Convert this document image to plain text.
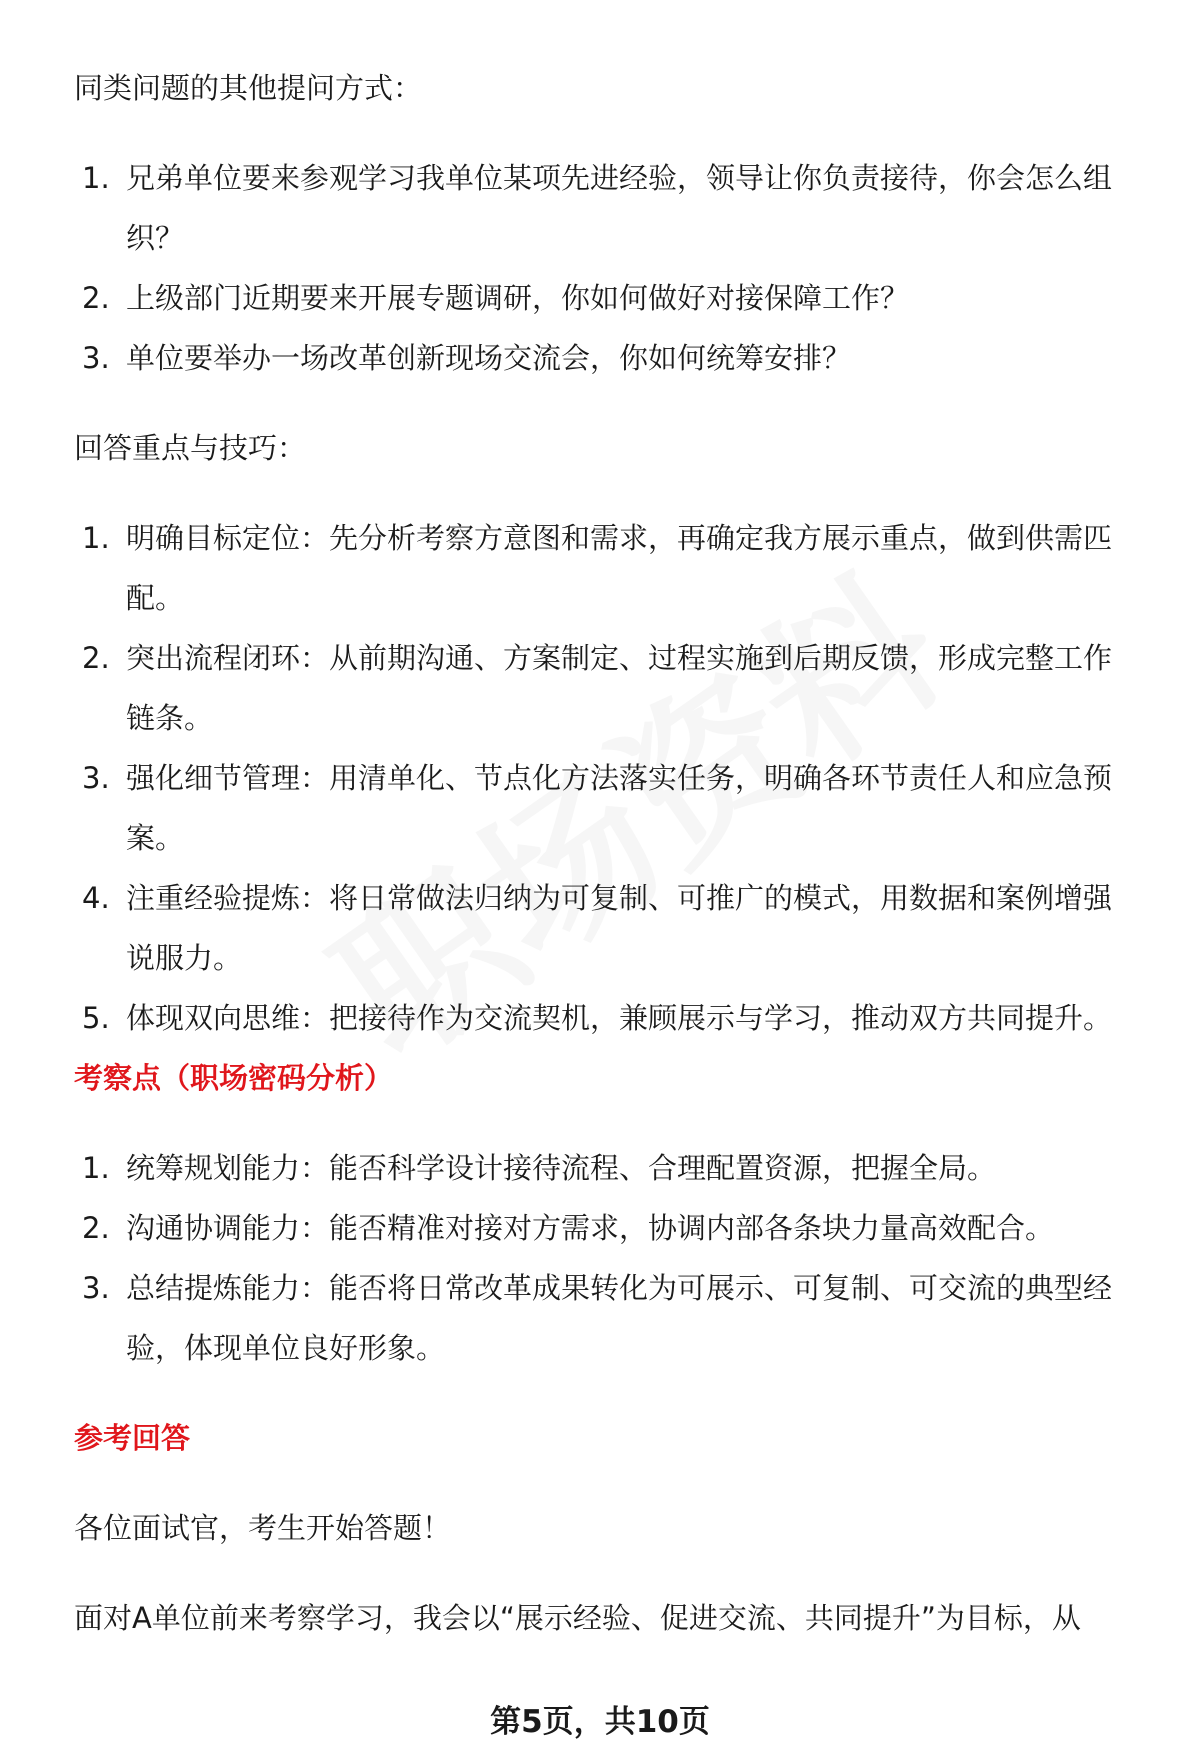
同类问题的其他提问方式：

1. 兄弟单位要来参观学习我单位某项先进经验，领导让你负责接待，你会怎么组
织？
2. 上级部门近期要来开展专题调研，你如何做好对接保障工作？
3. 单位要举办一场改革创新现场交流会，你如何统筹安排？

回答重点与技巧：

1. 明确目标定位：先分析考察方意图和需求，再确定我方展示重点，做到供需匹
配。
2. 突出流程闭环：从前期沟通、方案制定、过程实施到后期反馈，形成完整工作
链条。
3. 强化细节管理：用清单化、节点化方法落实任务，明确各环节责任人和应急预
案。
4. 注重经验提炼：将日常做法归纳为可复制、可推广的模式，用数据和案例增强
说服力。
5. 体现双向思维：把接待作为交流契机，兼顾展示与学习，推动双方共同提升。

考察点（职场密码分析）

1. 统筹规划能力：能否科学设计接待流程、合理配置资源，把握全局。
2. 沟通协调能力：能否精准对接对方需求，协调内部各条块力量高效配合。
3. 总结提炼能力：能否将日常改革成果转化为可展示、可复制、可交流的典型经
验，体现单位良好形象。

参考回答

各位面试官，考生开始答题！

面对A单位前来考察学习，我会以“展示经验、促进交流、共同提升”为目标，从

第5页，共10页
